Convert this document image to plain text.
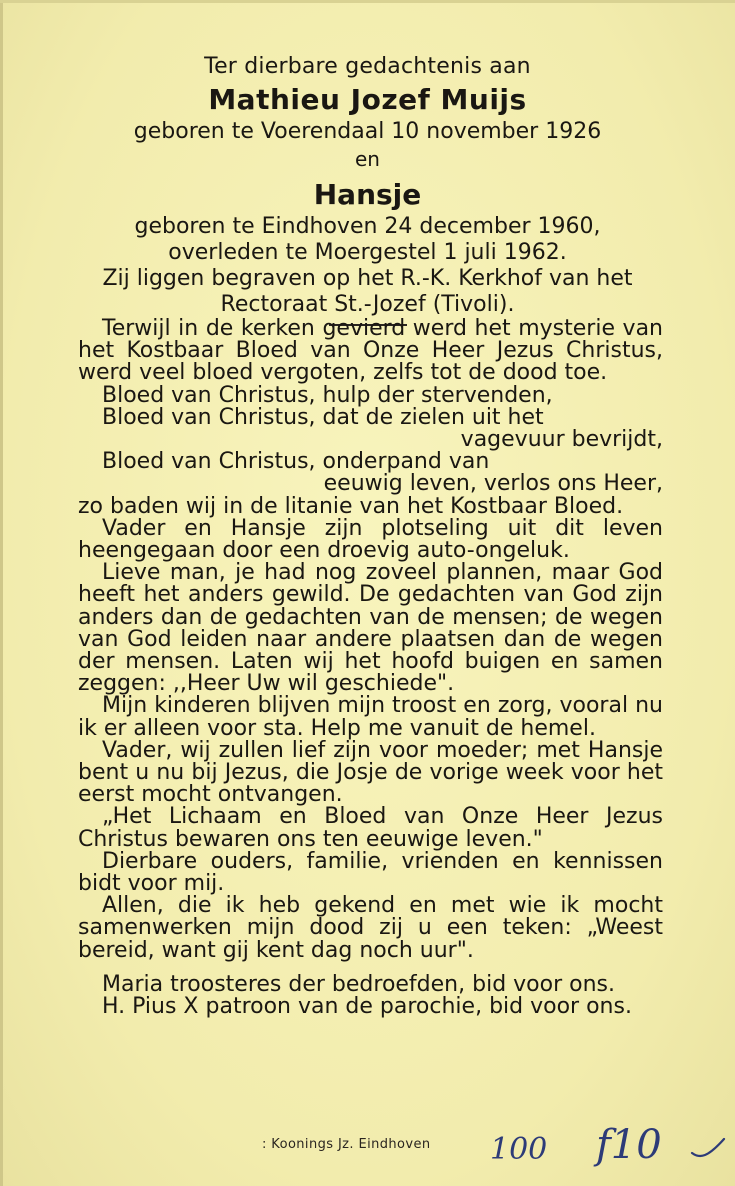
Ter dierbare gedachtenis aan
Mathieu Jozef Muijs
geboren te Voerendaal 10 november 1926
en
Hansje
geboren te Eindhoven 24 december 1960,
overleden te Moergestel 1 juli 1962.
Zij liggen begraven op het R.-K. Kerkhof van het
Rectoraat St.-Jozef (Tivoli).

Terwijl in de kerken gevierd werd het mysterie van het Kostbaar Bloed van Onze Heer Jezus Christus, werd veel bloed vergoten, zelfs tot de dood toe.

Bloed van Christus, hulp der stervenden,

Bloed van Christus, dat de zielen uit het

vagevuur bevrijdt,

Bloed van Christus, onderpand van

eeuwig leven, verlos ons Heer,

zo baden wij in de litanie van het Kostbaar Bloed.

Vader en Hansje zijn plotseling uit dit leven heengegaan door een droevig auto-ongeluk.

Lieve man, je had nog zoveel plannen, maar God heeft het anders gewild. De gedachten van God zijn anders dan de gedachten van de mensen; de wegen van God leiden naar andere plaatsen dan de wegen der mensen. Laten wij het hoofd buigen en samen zeggen: ,,Heer Uw wil geschiede".

Mijn kinderen blijven mijn troost en zorg, vooral nu ik er alleen voor sta. Help me vanuit de hemel.

Vader, wij zullen lief zijn voor moeder; met Hansje bent u nu bij Jezus, die Josje de vorige week voor het eerst mocht ontvangen.

„Het Lichaam en Bloed van Onze Heer Jezus Christus bewaren ons ten eeuwige leven."

Dierbare ouders, familie, vrienden en kennissen bidt voor mij.

Allen, die ik heb gekend en met wie ik mocht samenwerken mijn dood zij u een teken: „Weest bereid, want gij kent dag noch uur".

Maria troosteres der bedroefden, bid voor ons.

H. Pius X patroon van de parochie, bid voor ons.

: Koonings Jz. Eindhoven 100 f10
